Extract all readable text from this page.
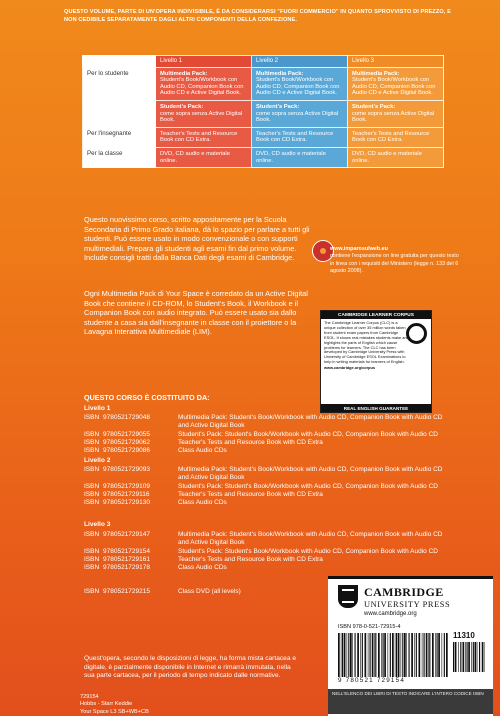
QUESTO VOLUME, PARTE DI UN'OPERA INDIVISIBILE, È DA CONSIDERARSI "FUORI COMMERCIO" IN QUANTO SPROVVISTO DI PREZZO, E NON CEDIBILE SEPARATAMENTE DAGLI ALTRI COMPONENTI DELLA CONFEZIONE.
	Livello 1	Livello 2	Livello 3
Per lo studente	Multimedia Pack:
Student's Book/Workbook con Audio CD, Companion Book con Audio CD e Active Digital Book.	Multimedia Pack:
Student's Book/Workbook con Audio CD, Companion Book con Audio CD e Active Digital Book.	Multimedia Pack:
Student's Book/Workbook con Audio CD, Companion Book con Audio CD e Active Digital Book.

	Student's Pack:
come sopra senza Active Digital Book.	Student's Pack:
come sopra senza Active Digital Book.	Student's Pack:
come sopra senza Active Digital Book.
Per l'insegnante	Teacher's Tests and Resource Book con CD Extra.	Teacher's Tests and Resource Book con CD Extra.	Teacher's Tests and Resource Book con CD Extra.
Per la classe	DVD, CD audio e materiale online.	DVD, CD audio e materiale online.	DVD, CD audio e materiale online.
Questo nuovissimo corso, scritto appositamente per la Scuola Secondaria di Primo Grado italiana, dà lo spazio per parlare a tutti gli studenti. Può essere usato in modo convenzionale o con supporti multimediali. Prepara gli studenti agli esami fin dal primo volume. Include consigli tratti dalla Banca Dati degli esami di Cambridge.
Ogni Multimedia Pack di Your Space è corredato da un Active Digital Book che contiene il CD-ROM, lo Student's Book, il Workbook e il Companion Book con audio integrato. Può essere usato sia dallo studente a casa sia dall'insegnante in classe con il proiettore o la Lavagna Interattiva Multimediale (LIM).
www.imparosulweb.eu
contiene l'espansione on line gratuita per questo testo in linea con i requisiti del Ministero (legge n. 133 del 6 agosto 2008).
CAMBRIDGE LEARNER CORPUS
The Cambridge Learner Corpus (CLC) is a unique collection of over 35 million words taken from student exam papers from Cambridge ESOL. It shows real mistakes students make and highlights the parts of English which cause problems for learners. The CLC has been developed by Cambridge University Press with University of Cambridge ESOL Examinations to help in writing materials for learners of English.
www.cambridge.org/corpus
REAL ENGLISH GUARANTEE
QUESTO CORSO È COSTITUITO DA:
Livello 1
ISBN 9780521729048	Multimedia Pack: Student's Book/Workbook with Audio CD, Companion Book with Audio CD and Active Digital Book
ISBN 9780521729055	Student's Pack: Student's Book/Workbook with Audio CD, Companion Book with Audio CD
ISBN 9780521729062	Teacher's Tests and Resource Book with CD Extra
ISBN 9780521729086	Class Audio CDs
Livello 2
ISBN 9780521729093	Multimedia Pack: Student's Book/Workbook with Audio CD, Companion Book with Audio CD and Active Digital Book
ISBN 9780521729109	Student's Pack: Student's Book/Workbook with Audio CD, Companion Book with Audio CD
ISBN 9780521729116	Teacher's Tests and Resource Book with CD Extra
ISBN 9780521729130	Class Audio CDs
Livello 3
ISBN 9780521729147	Multimedia Pack: Student's Book/Workbook with Audio CD, Companion Book with Audio CD and Active Digital Book
ISBN 9780521729154	Student's Pack: Student's Book/Workbook with Audio CD, Companion Book with Audio CD
ISBN 9780521729161	Teacher's Tests and Resource Book with CD Extra
ISBN 9780521729178	Class Audio CDs
ISBN 9780521729215	Class DVD (all levels)
Quest'opera, secondo le disposizioni di legge, ha forma mista cartacea e digitale, è parzialmente disponibile in Internet e rimarrà immutata, nella sua parte cartacea, per il periodo di tempo indicato dalle normative.
729154
Hobbs - Starr Keddie
Your Space L3 SB+WB+CB
CAMBRIDGE
UNIVERSITY PRESS
www.cambridge.org
ISBN 978-0-521-72915-4
11310
9 780521 729154
NELL'ELENCO DEI LIBRI DI TESTO INDICARE L'INTERO CODICE ISBN
